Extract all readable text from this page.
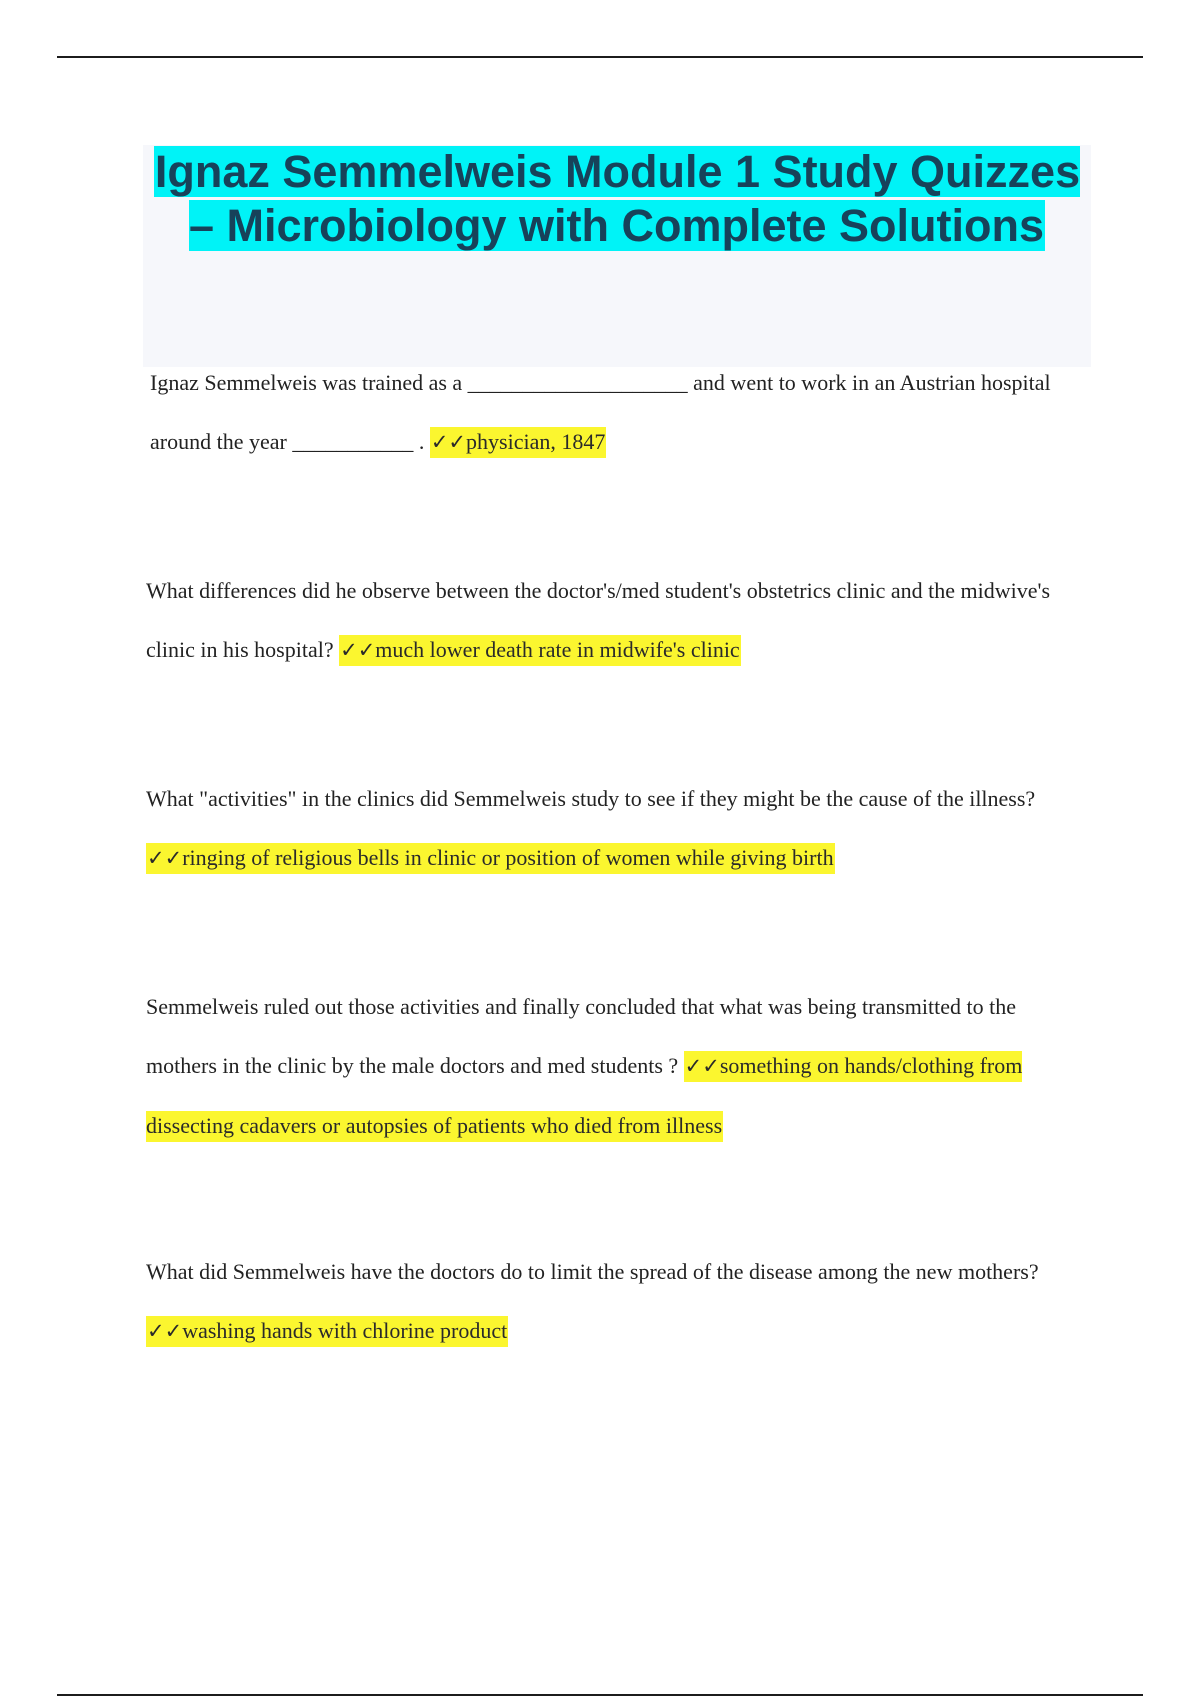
Ignaz Semmelweis Module 1 Study Quizzes – Microbiology with Complete Solutions
Ignaz Semmelweis was trained as a ____________________ and went to work in an Austrian hospital around the year ___________ . ✓✓physician, 1847
What differences did he observe between the doctor's/med student's obstetrics clinic and the midwive's clinic in his hospital? ✓✓much lower death rate in midwife's clinic
What "activities" in the clinics did Semmelweis study to see if they might be the cause of the illness? ✓✓ringing of religious bells in clinic or position of women while giving birth
Semmelweis ruled out those activities and finally concluded that what was being transmitted to the mothers in the clinic by the male doctors and med students ? ✓✓something on hands/clothing from dissecting cadavers or autopsies of patients who died from illness
What did Semmelweis have the doctors do to limit the spread of the disease among the new mothers? ✓✓washing hands with chlorine product
